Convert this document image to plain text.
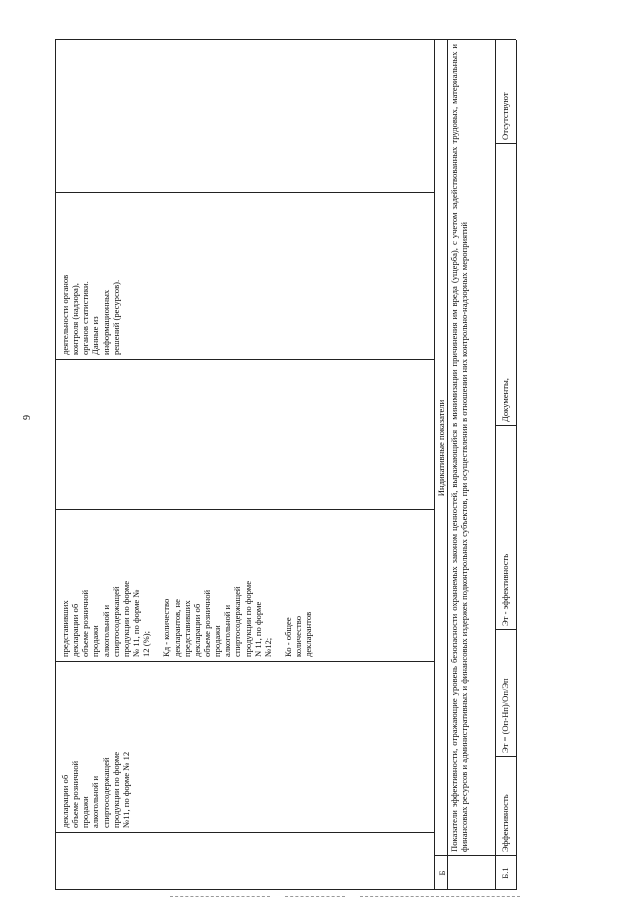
9
декларации об
объеме розничной
продажи
алкогольной и
спиртосодержащей
продукции по форме
№11, по форме № 12
представивших
декларации об
объеме розничной
продажи
алкогольной и
спиртосодержащей
продукции по форме
№ 11, по форме №
12 (%);

Кд - количество
декларантов, не
представивших
декларации об
объеме розничной
продажи
алкогольной и
спиртосодержащей
продукции по форме
N 11, по форме
№12;

Ко - общее
количество
декларантов
деятельности органов
контроля (надзора),
органов статистики.
Данные из
информационных
решений (ресурсов).
Б
Индикативные показатели Показатели эффективности, отражающие уровень безопасности охраняемых законом ценностей, выражающийся в минимизации причинения им вреда (ущерба), с учетом задействованных трудовых, материальных и финансовых ресурсов и административных и финансовых издержек подконтрольных субъектов, при осуществлении в отношении них контрольно-надзорных мероприятий
Б.1
Эффективность
Эт = (Оп-Нп)/Оп/Эп
Эт - эффективность
Документы,
Отсутствуют
